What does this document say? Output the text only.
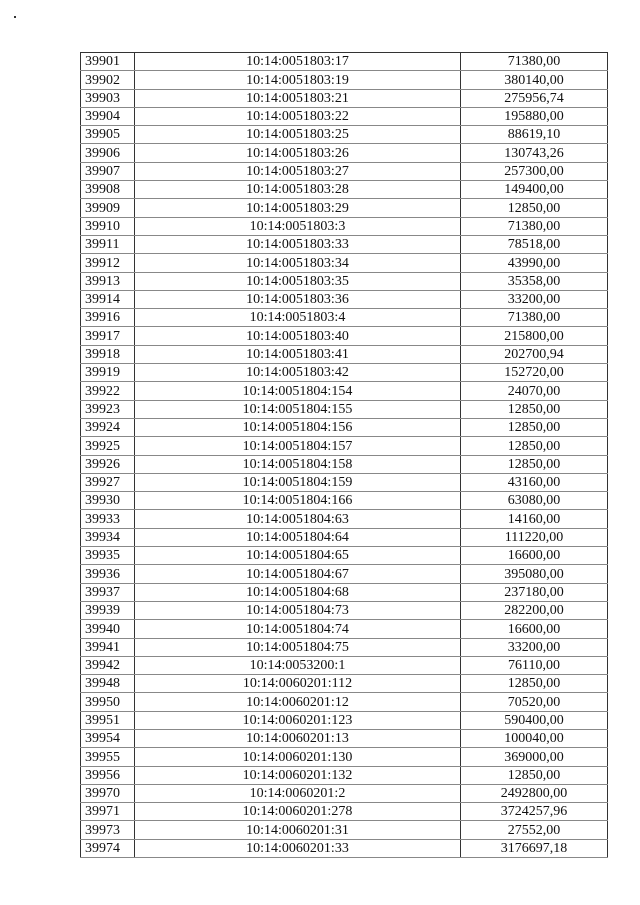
39901	10:14:0051803:17	71380,00
39902	10:14:0051803:19	380140,00
39903	10:14:0051803:21	275956,74
39904	10:14:0051803:22	195880,00
39905	10:14:0051803:25	88619,10
39906	10:14:0051803:26	130743,26
39907	10:14:0051803:27	257300,00
39908	10:14:0051803:28	149400,00
39909	10:14:0051803:29	12850,00
39910	10:14:0051803:3	71380,00
39911	10:14:0051803:33	78518,00
39912	10:14:0051803:34	43990,00
39913	10:14:0051803:35	35358,00
39914	10:14:0051803:36	33200,00
39916	10:14:0051803:4	71380,00
39917	10:14:0051803:40	215800,00
39918	10:14:0051803:41	202700,94
39919	10:14:0051803:42	152720,00
39922	10:14:0051804:154	24070,00
39923	10:14:0051804:155	12850,00
39924	10:14:0051804:156	12850,00
39925	10:14:0051804:157	12850,00
39926	10:14:0051804:158	12850,00
39927	10:14:0051804:159	43160,00
39930	10:14:0051804:166	63080,00
39933	10:14:0051804:63	14160,00
39934	10:14:0051804:64	111220,00
39935	10:14:0051804:65	16600,00
39936	10:14:0051804:67	395080,00
39937	10:14:0051804:68	237180,00
39939	10:14:0051804:73	282200,00
39940	10:14:0051804:74	16600,00
39941	10:14:0051804:75	33200,00
39942	10:14:0053200:1	76110,00
39948	10:14:0060201:112	12850,00
39950	10:14:0060201:12	70520,00
39951	10:14:0060201:123	590400,00
39954	10:14:0060201:13	100040,00
39955	10:14:0060201:130	369000,00
39956	10:14:0060201:132	12850,00
39970	10:14:0060201:2	2492800,00
39971	10:14:0060201:278	3724257,96
39973	10:14:0060201:31	27552,00
39974	10:14:0060201:33	3176697,18
